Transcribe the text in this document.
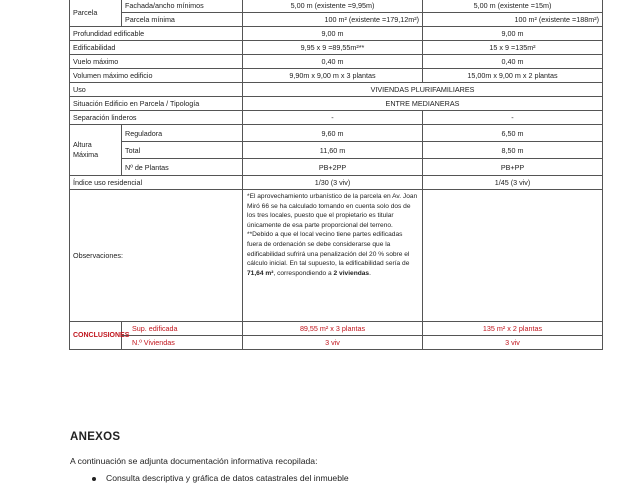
Parcela	Fachada/ancho mínimos	5,00 m (existente =9,95m)	5,00 m (existente =15m)
	Parcela mínima	100 m² (existente =179,12m²)	100 m² (existente =188m²)
Profundidad edificable		9,00 m	9,00 m
Edificabilidad		9,95 x 9 =89,55m²**	15 x 9 =135m²
Vuelo máximo		0,40 m	0,40 m
Volumen máximo edificio		9,90m x 9,00 m x 3 plantas	15,00m x 9,00 m x 2 plantas
Uso		VIVIENDAS PLURIFAMILIARES	
Situación Edificio en Parcela / Tipología		ENTRE MEDIANERAS	
Separación linderos		-	-
Altura
Máxima	Reguladora	9,60 m	6,50 m
	Total	11,60 m	8,50 m
	Nº de Plantas	PB+2PP	PB+PP
Índice uso residencial		1/30 (3 viv)	1/45 (3 viv)
Observaciones:		*El aprovechamiento urbanístico de la parcela en Av. Joan Miró 66 se ha calculado tomando en cuenta solo dos de los tres locales, puesto que el propietario es titular únicamente de esa parte proporcional del terreno.
**Debido a que el local vecino tiene partes edificadas fuera de ordenación se debe considerarse que la edificabilidad sufrirá una penalización del 20 % sobre el cálculo inicial. En tal supuesto, la edificabilidad sería de 71,64 m², correspondiendo a 2 viviendas.	
CONCLUSIONES	Sup. edificada	89,55 m² x 3 plantas	135 m² x 2 plantas
	N.º Viviendas	3 viv	3 viv
ANEXOS

A continuación se adjunta documentación informativa recopilada:

Consulta descriptiva y gráfica de datos catastrales del inmueble
